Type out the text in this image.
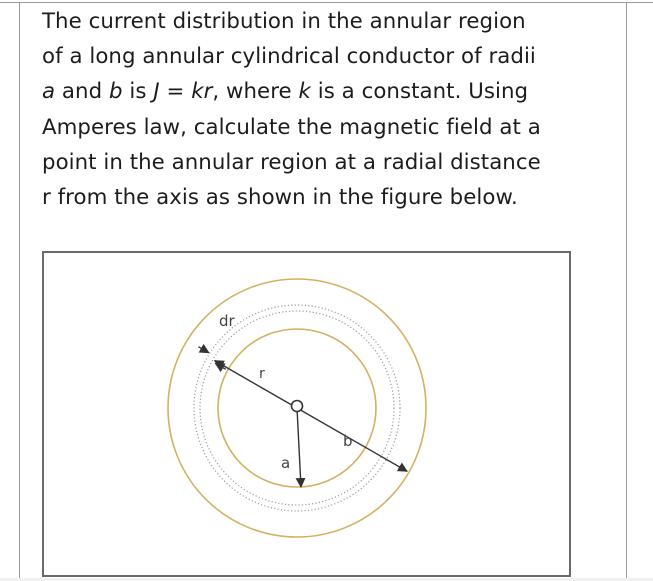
The current distribution in the annular region
of a long annular cylindrical conductor of radii
a and b is J = kr, where k is a constant. Using
Amperes law, calculate the magnetic field at a
point in the annular region at a radial distance
r from the axis as shown in the figure below.
dr
r
a
b
